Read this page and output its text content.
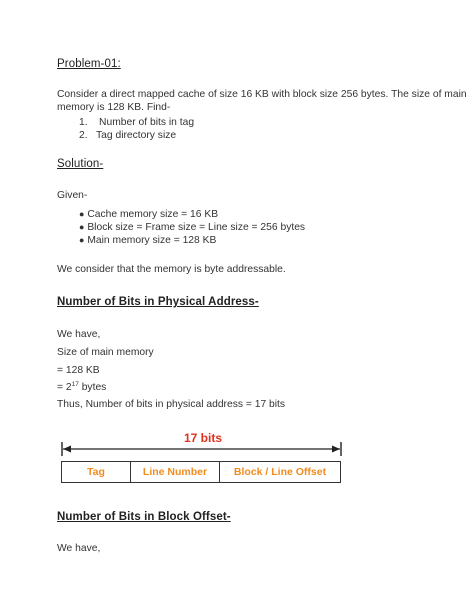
Problem-01:
Consider a direct mapped cache of size 16 KB with block size 256 bytes. The size of main
memory is 128 KB. Find-
1. Number of bits in tag
2. Tag directory size
Solution-
Given-
● Cache memory size = 16 KB
● Block size = Frame size = Line size = 256 bytes
● Main memory size = 128 KB
We consider that the memory is byte addressable.
Number of Bits in Physical Address-
We have,
Size of main memory
= 128 KB
= $2^{17}$ bytes
Thus, Number of bits in physical address = 17 bits
17 bits
Tag	Line Number	Block / Line Offset
Number of Bits in Block Offset-
We have,
